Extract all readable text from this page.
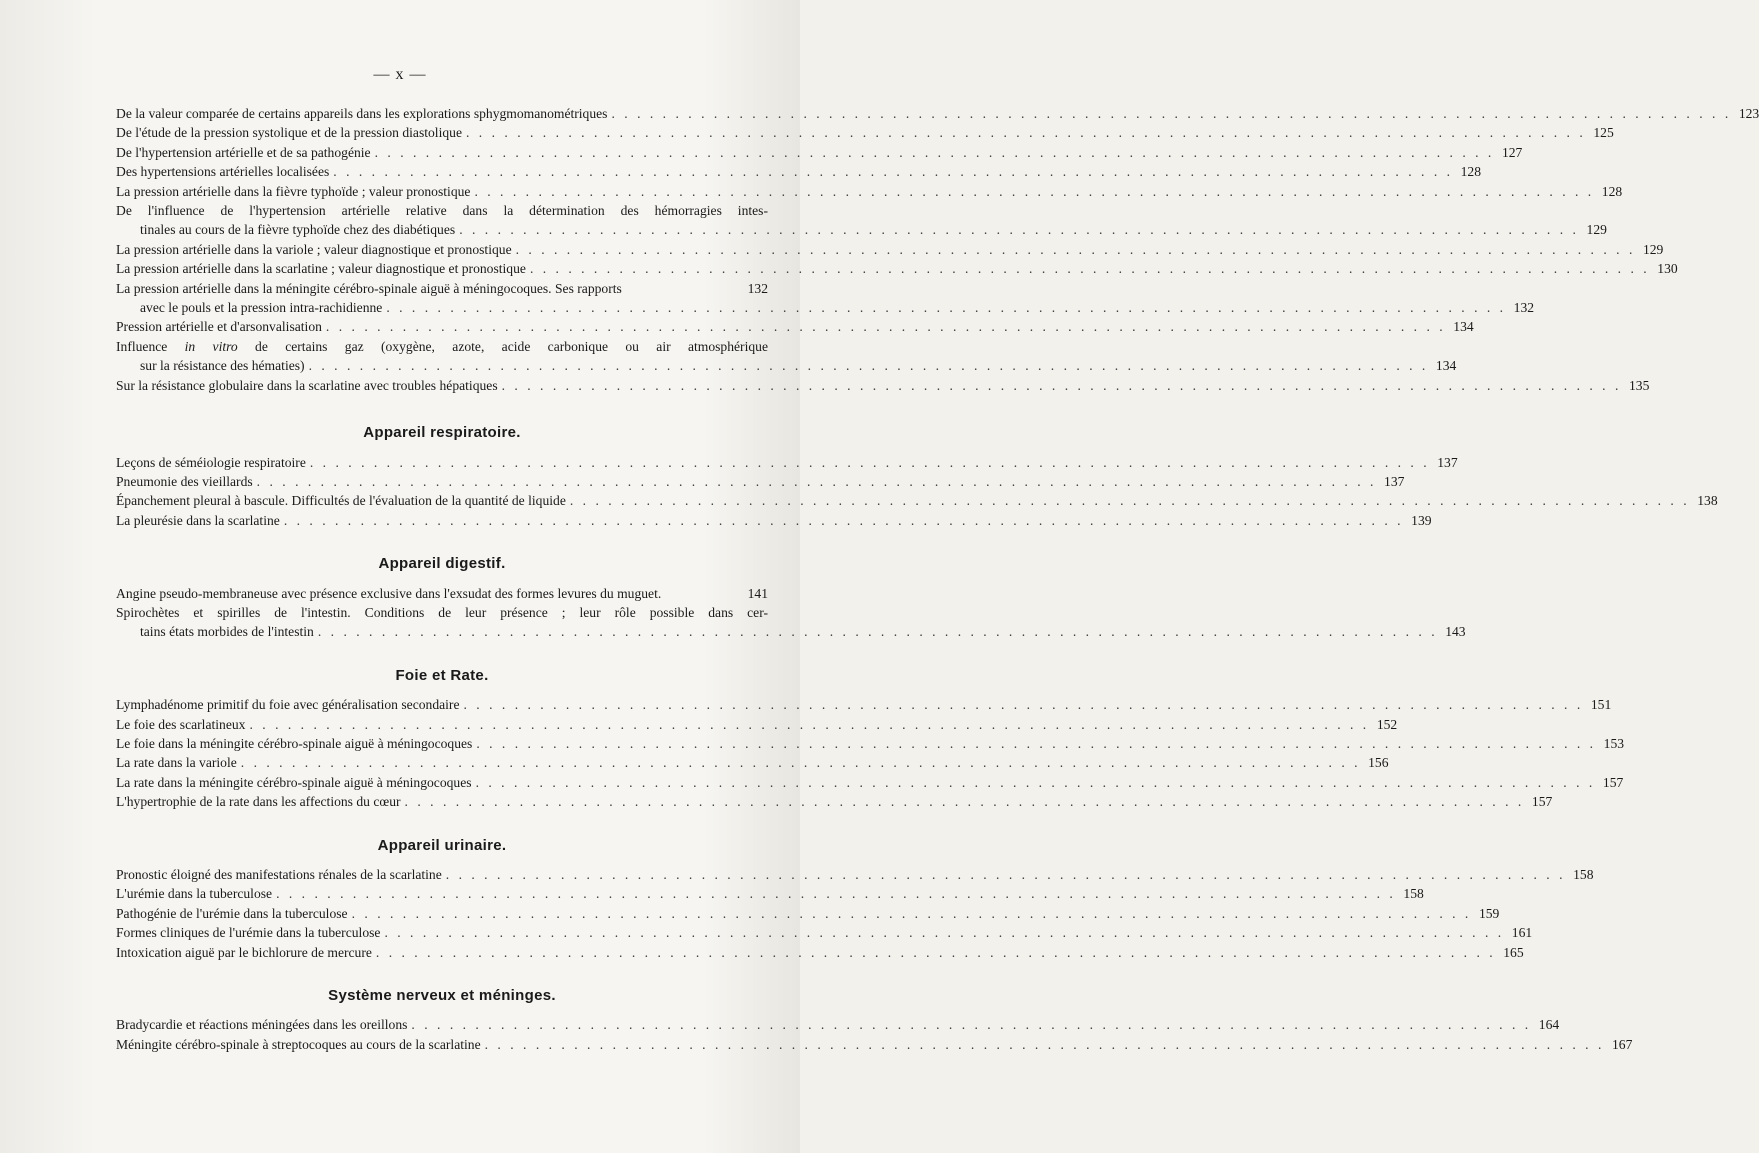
— x —
De la valeur comparée de certains appareils dans les explorations sphygmomanométriques . . .	123
De l'étude de la pression systolique et de la pression diastolique . . .	125
De l'hypertension artérielle et de sa pathogénie . . .	127
Des hypertensions artérielles localisées . . .	128
La pression artérielle dans la fièvre typhoïde ; valeur pronostique . . .	128
De l'influence de l'hypertension artérielle relative dans la détermination des hémorragies intes-
tinales au cours de la fièvre typhoïde chez des diabétiques . . .	129
La pression artérielle dans la variole ; valeur diagnostique et pronostique . . .	129
La pression artérielle dans la scarlatine ; valeur diagnostique et pronostique . . .	130
La pression artérielle dans la méningite cérébro-spinale aiguë à méningocoques. Ses rapports	132
avec le pouls et la pression intra-rachidienne . . .	132
Pression artérielle et d'arsonvalisation . . .	134
Influence in vitro de certains gaz (oxygène, azote, acide carbonique ou air atmosphérique
sur la résistance des hématies) . . .	134
Sur la résistance globulaire dans la scarlatine avec troubles hépatiques . . .	135
Appareil respiratoire.
Leçons de séméiologie respiratoire . . .	137
Pneumonie des vieillards . . .	137
Épanchement pleural à bascule. Difficultés de l'évaluation de la quantité de liquide . . .	138
La pleurésie dans la scarlatine . . .	139
Appareil digestif.
Angine pseudo-membraneuse avec présence exclusive dans l'exsudat des formes levures du muguet.	141
Spirochètes et spirilles de l'intestin. Conditions de leur présence ; leur rôle possible dans cer-
tains états morbides de l'intestin . . .	143
Foie et Rate.
Lymphadénome primitif du foie avec généralisation secondaire . . .	151
Le foie des scarlatineux . . .	152
Le foie dans la méningite cérébro-spinale aiguë à méningocoques . . .	153
La rate dans la variole . . .	156
La rate dans la méningite cérébro-spinale aiguë à méningocoques . . .	157
L'hypertrophie de la rate dans les affections du cœur . . .	157
Appareil urinaire.
Pronostic éloigné des manifestations rénales de la scarlatine . . .	158
L'urémie dans la tuberculose . . .	158
Pathogénie de l'urémie dans la tuberculose . . .	159
Formes cliniques de l'urémie dans la tuberculose . . .	161
Intoxication aiguë par le bichlorure de mercure . . .	165
Système nerveux et méninges.
Bradycardie et réactions méningées dans les oreillons . . .	164
Méningite cérébro-spinale à streptocoques au cours de la scarlatine . . .	167
